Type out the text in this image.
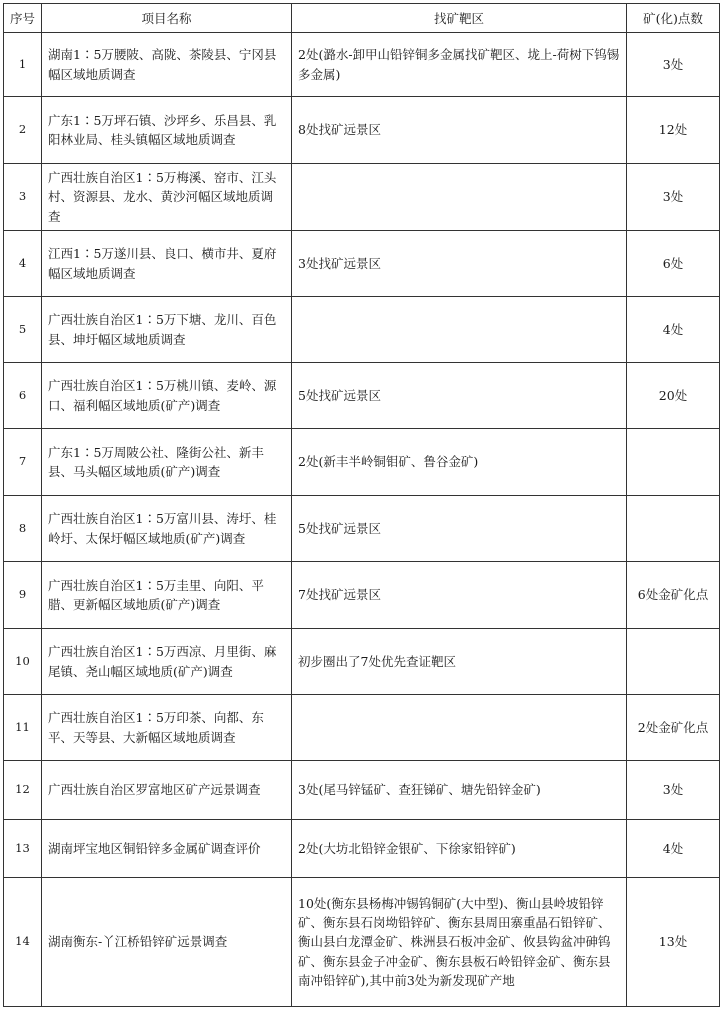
序号	项目名称	找矿靶区	矿(化)点数
1	湖南1∶5万腰陂、高陇、茶陵县、宁冈县幅区域地质调查	2处(潞水-卸甲山铅锌铜多金属找矿靶区、垅上-荷树下钨锡多金属)	3处
2	广东1∶5万坪石镇、沙坪乡、乐昌县、乳阳林业局、桂头镇幅区域地质调查	8处找矿远景区	12处
3	广西壮族自治区1∶5万梅溪、窑市、江头村、资源县、龙水、黄沙河幅区域地质调查		3处
4	江西1∶5万遂川县、良口、横市井、夏府幅区域地质调查	3处找矿远景区	6处
5	广西壮族自治区1∶5万下塘、龙川、百色县、坤圩幅区域地质调查		4处
6	广西壮族自治区1∶5万桃川镇、麦岭、源口、福利幅区域地质(矿产)调查	5处找矿远景区	20处
7	广东1∶5万周陂公社、隆街公社、新丰县、马头幅区域地质(矿产)调查	2处(新丰半岭铜钼矿、鲁谷金矿)	
8	广西壮族自治区1∶5万富川县、涛圩、桂岭圩、太保圩幅区域地质(矿产)调查	5处找矿远景区	
9	广西壮族自治区1∶5万圭里、向阳、平腊、更新幅区域地质(矿产)调查	7处找矿远景区	6处金矿化点
10	广西壮族自治区1∶5万西凉、月里街、麻尾镇、尧山幅区域地质(矿产)调查	初步圈出了7处优先查证靶区	
11	广西壮族自治区1∶5万印茶、向都、东平、天等县、大新幅区域地质调查		2处金矿化点
12	广西壮族自治区罗富地区矿产远景调查	3处(尾马锌锰矿、查狂锑矿、塘先铅锌金矿)	3处
13	湖南坪宝地区铜铅锌多金属矿调查评价	2处(大坊北铅锌金银矿、下徐家铅锌矿)	4处
14	湖南衡东-丫江桥铅锌矿远景调查	10处(衡东县杨梅冲锡钨铜矿(大中型)、衡山县岭坡铅锌矿、衡东县石岗坳铅锌矿、衡东县周田寨重晶石铅锌矿、衡山县白龙潭金矿、株洲县石板冲金矿、攸县钩盆冲砷钨矿、衡东县金子冲金矿、衡东县板石岭铅锌金矿、衡东县南冲铅锌矿),其中前3处为新发现矿产地	13处
